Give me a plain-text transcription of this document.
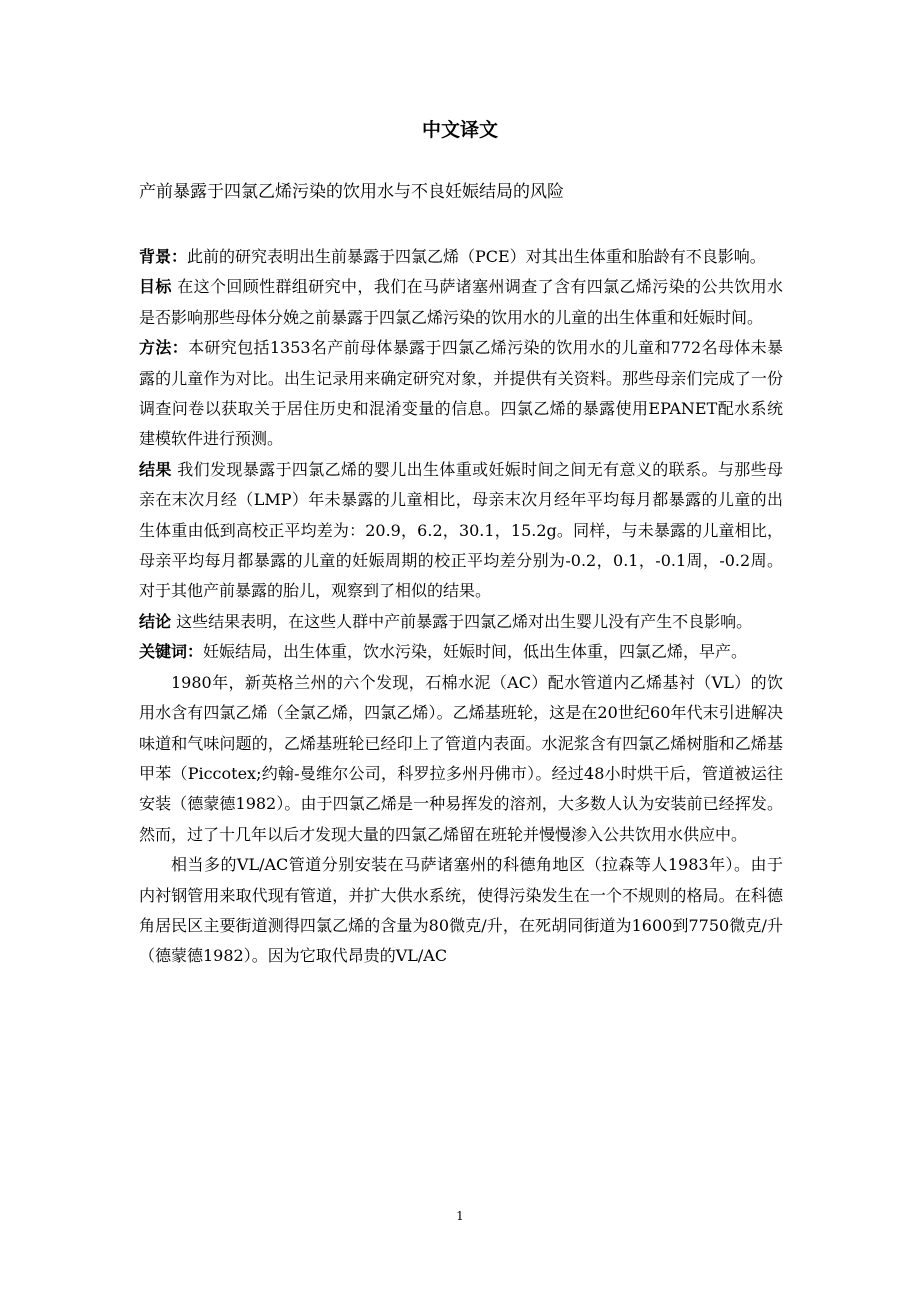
中文译文

产前暴露于四氯乙烯污染的饮用水与不良妊娠结局的风险

背景：此前的研究表明出生前暴露于四氯乙烯（PCE）对其出生体重和胎龄有不良影响。

目标 在这个回顾性群组研究中，我们在马萨诸塞州调查了含有四氯乙烯污染的公共饮用水是否影响那些母体分娩之前暴露于四氯乙烯污染的饮用水的儿童的出生体重和妊娠时间。

方法：本研究包括1353名产前母体暴露于四氯乙烯污染的饮用水的儿童和772名母体未暴露的儿童作为对比。出生记录用来确定研究对象，并提供有关资料。那些母亲们完成了一份调查问卷以获取关于居住历史和混淆变量的信息。四氯乙烯的暴露使用EPANET配水系统建模软件进行预测。

结果 我们发现暴露于四氯乙烯的婴儿出生体重或妊娠时间之间无有意义的联系。与那些母亲在末次月经（LMP）年未暴露的儿童相比，母亲末次月经年平均每月都暴露的儿童的出生体重由低到高校正平均差为：20.9，6.2，30.1，15.2g。同样，与未暴露的儿童相比，母亲平均每月都暴露的儿童的妊娠周期的校正平均差分别为-0.2，0.1，-0.1周，-0.2周。对于其他产前暴露的胎儿，观察到了相似的结果。

结论 这些结果表明，在这些人群中产前暴露于四氯乙烯对出生婴儿没有产生不良影响。

关键词：妊娠结局，出生体重，饮水污染，妊娠时间，低出生体重，四氯乙烯，早产。

1980年，新英格兰州的六个发现，石棉水泥（AC）配水管道内乙烯基衬（VL）的饮用水含有四氯乙烯（全氯乙烯，四氯乙烯）。乙烯基班轮，这是在20世纪60年代末引进解决味道和气味问题的，乙烯基班轮已经印上了管道内表面。水泥浆含有四氯乙烯树脂和乙烯基甲苯（Piccotex;约翰-曼维尔公司，科罗拉多州丹佛市）。经过48小时烘干后，管道被运往安装（德蒙德1982）。由于四氯乙烯是一种易挥发的溶剂，大多数人认为安装前已经挥发。然而，过了十几年以后才发现大量的四氯乙烯留在班轮并慢慢渗入公共饮用水供应中。

相当多的VL/AC管道分别安装在马萨诸塞州的科德角地区（拉森等人1983年）。由于内衬钢管用来取代现有管道，并扩大供水系统，使得污染发生在一个不规则的格局。在科德角居民区主要街道测得四氯乙烯的含量为80微克/升，在死胡同街道为1600到7750微克/升（德蒙德1982）。因为它取代昂贵的VL/AC

1
